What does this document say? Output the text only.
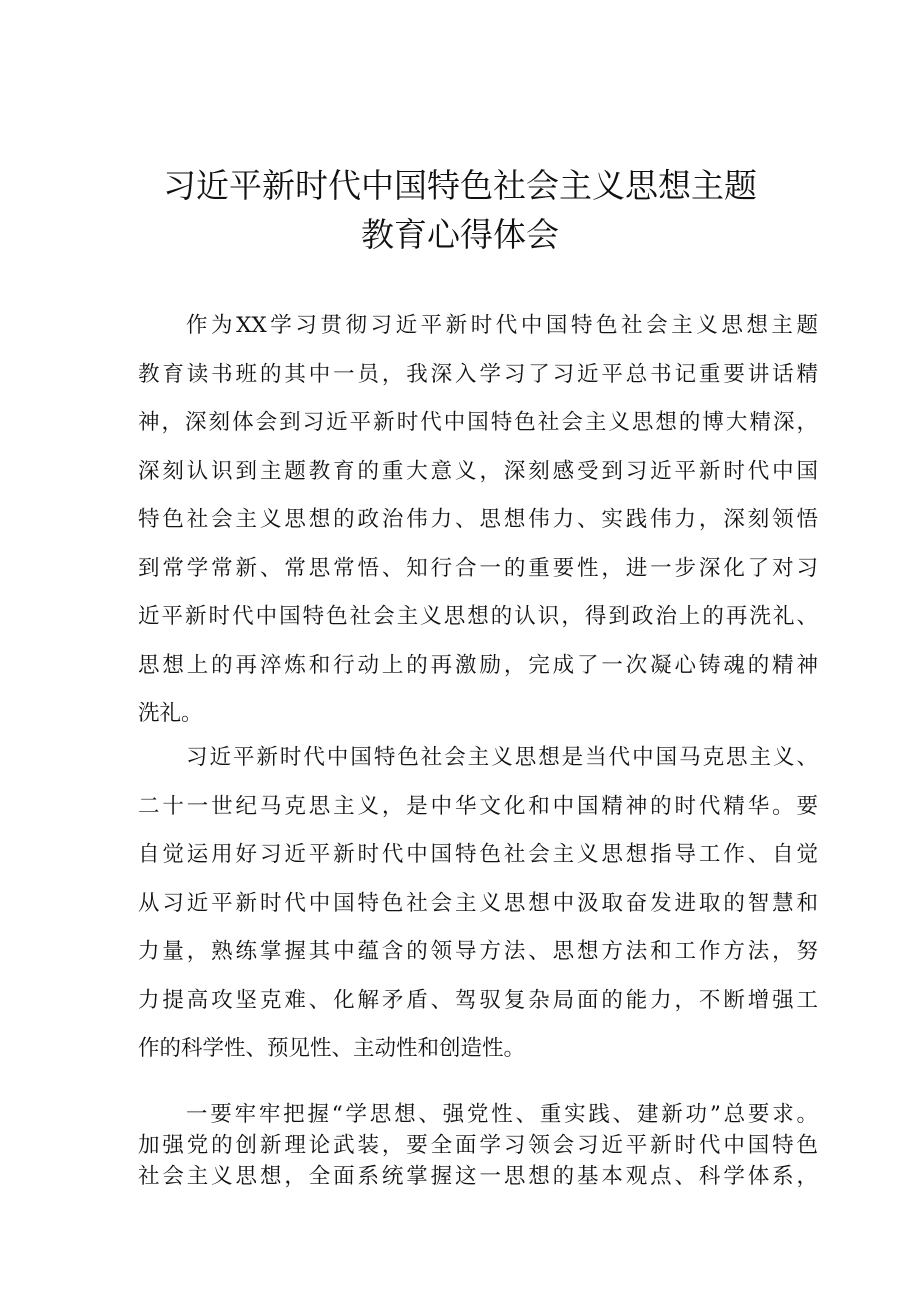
习近平新时代中国特色社会主义思想主题
教育心得体会
作为XX学习贯彻习近平新时代中国特色社会主义思想主题
教育读书班的其中一员，我深入学习了习近平总书记重要讲话精
神，深刻体会到习近平新时代中国特色社会主义思想的博大精深，
深刻认识到主题教育的重大意义，深刻感受到习近平新时代中国
特色社会主义思想的政治伟力、思想伟力、实践伟力，深刻领悟
到常学常新、常思常悟、知行合一的重要性，进一步深化了对习
近平新时代中国特色社会主义思想的认识，得到政治上的再洗礼、
思想上的再淬炼和行动上的再激励，完成了一次凝心铸魂的精神
洗礼。
习近平新时代中国特色社会主义思想是当代中国马克思主义、
二十一世纪马克思主义，是中华文化和中国精神的时代精华。要
自觉运用好习近平新时代中国特色社会主义思想指导工作、自觉
从习近平新时代中国特色社会主义思想中汲取奋发进取的智慧和
力量，熟练掌握其中蕴含的领导方法、思想方法和工作方法，努
力提高攻坚克难、化解矛盾、驾驭复杂局面的能力，不断增强工
作的科学性、预见性、主动性和创造性。
一要牢牢把握“学思想、强党性、重实践、建新功”总要求。
加强党的创新理论武装，要全面学习领会习近平新时代中国特色
社会主义思想，全面系统掌握这一思想的基本观点、科学体系，
